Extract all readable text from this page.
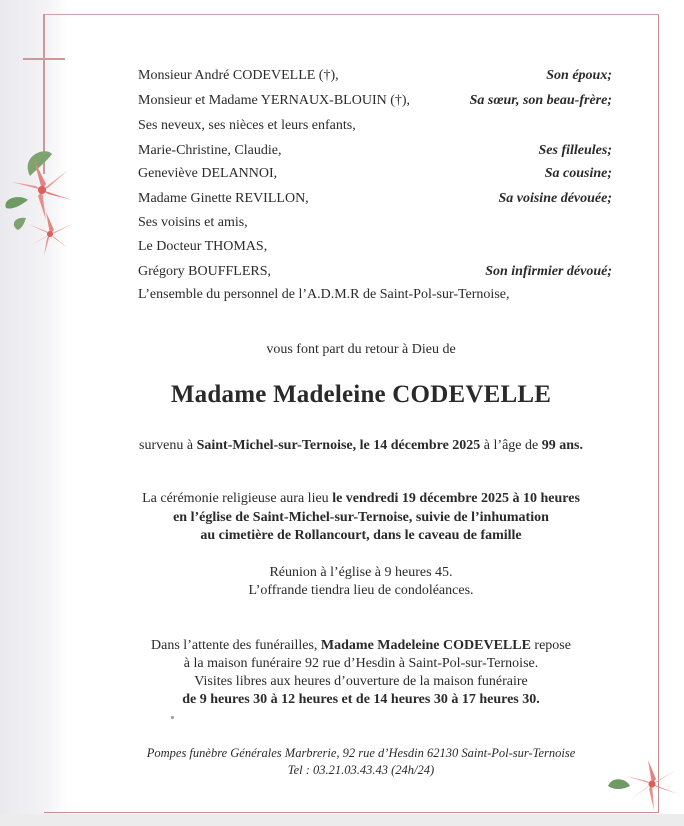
Monsieur André CODEVELLE (†),	Son époux;
Monsieur et Madame YERNAUX-BLOUIN (†),	Sa sœur, son beau-frère;
Ses neveux, ses nièces et leurs enfants,
Marie-Christine, Claudie,	Ses filleules;
Geneviève DELANNOI,	Sa cousine;
Madame Ginette REVILLON,	Sa voisine dévouée;
Ses voisins et amis,
Le Docteur THOMAS,
Grégory BOUFFLERS,	Son infirmier dévoué;
L’ensemble du personnel de l’A.D.M.R de Saint-Pol-sur-Ternoise,
vous font part du retour à Dieu de
Madame Madeleine CODEVELLE
survenu à Saint-Michel-sur-Ternoise, le 14 décembre 2025 à l’âge de 99 ans.
La cérémonie religieuse aura lieu le vendredi 19 décembre 2025 à 10 heures
en l’église de Saint-Michel-sur-Ternoise, suivie de l’inhumation
au cimetière de Rollancourt, dans le caveau de famille
Réunion à l’église à 9 heures 45.
L’offrande tiendra lieu de condoléances.
Dans l’attente des funérailles, Madame Madeleine CODEVELLE repose
à la maison funéraire 92 rue d’Hesdin à Saint-Pol-sur-Ternoise.
Visites libres aux heures d’ouverture de la maison funéraire
de 9 heures 30 à 12 heures et de 14 heures 30 à 17 heures 30.
Pompes funèbre Générales Marbrerie, 92 rue d’Hesdin 62130 Saint-Pol-sur-Ternoise
Tel : 03.21.03.43.43 (24h/24)
